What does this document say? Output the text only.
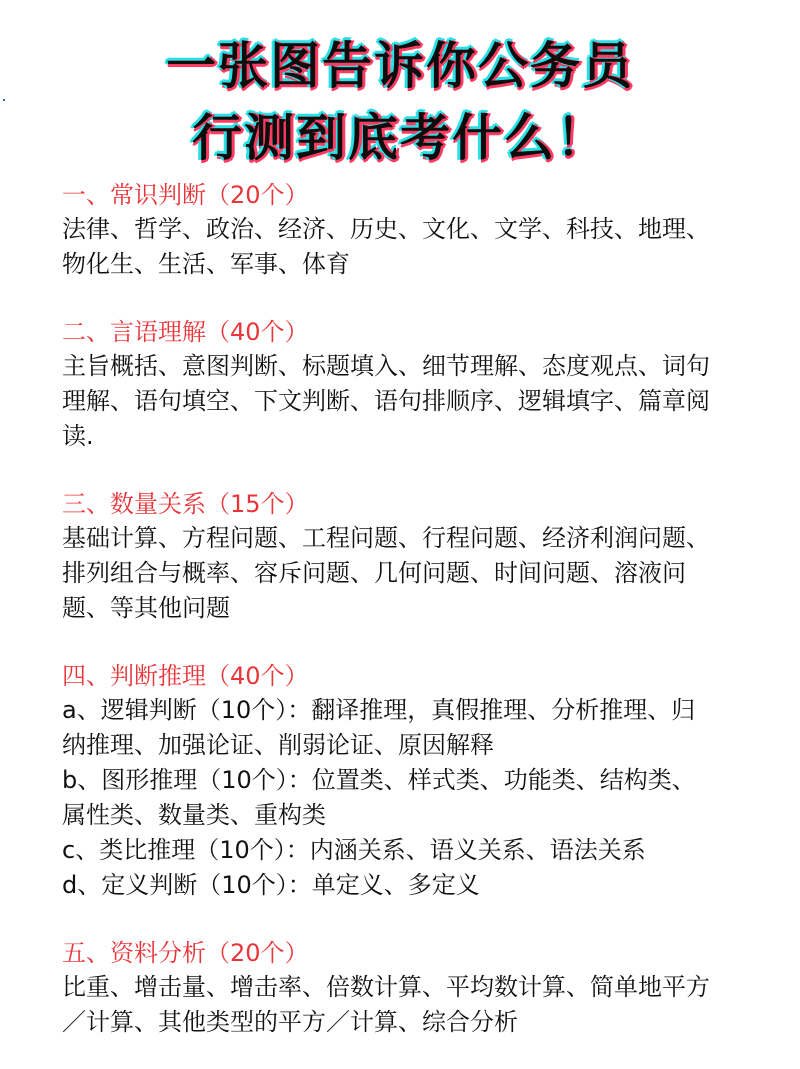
一张图告诉你公务员
行测到底考什么！
一、常识判断（20个）
法律、哲学、政治、经济、历史、文化、文学、科技、地理、
物化生、生活、军事、体育
二、言语理解（40个）
主旨概括、意图判断、标题填入、细节理解、态度观点、词句
理解、语句填空、下文判断、语句排顺序、逻辑填字、篇章阅
读.
三、数量关系（15个）
基础计算、方程问题、工程问题、行程问题、经济利润问题、
排列组合与概率、容斥问题、几何问题、时间问题、溶液问
题、等其他问题
四、判断推理（40个）
a、逻辑判断（10个）：翻译推理，真假推理、分析推理、归
纳推理、加强论证、削弱论证、原因解释
b、图形推理（10个）：位置类、样式类、功能类、结构类、
属性类、数量类、重构类
c、类比推理（10个）：内涵关系、语义关系、语法关系
d、定义判断（10个）：单定义、多定义
五、资料分析（20个）
比重、增击量、增击率、倍数计算、平均数计算、简单地平方
／计算、其他类型的平方／计算、综合分析
